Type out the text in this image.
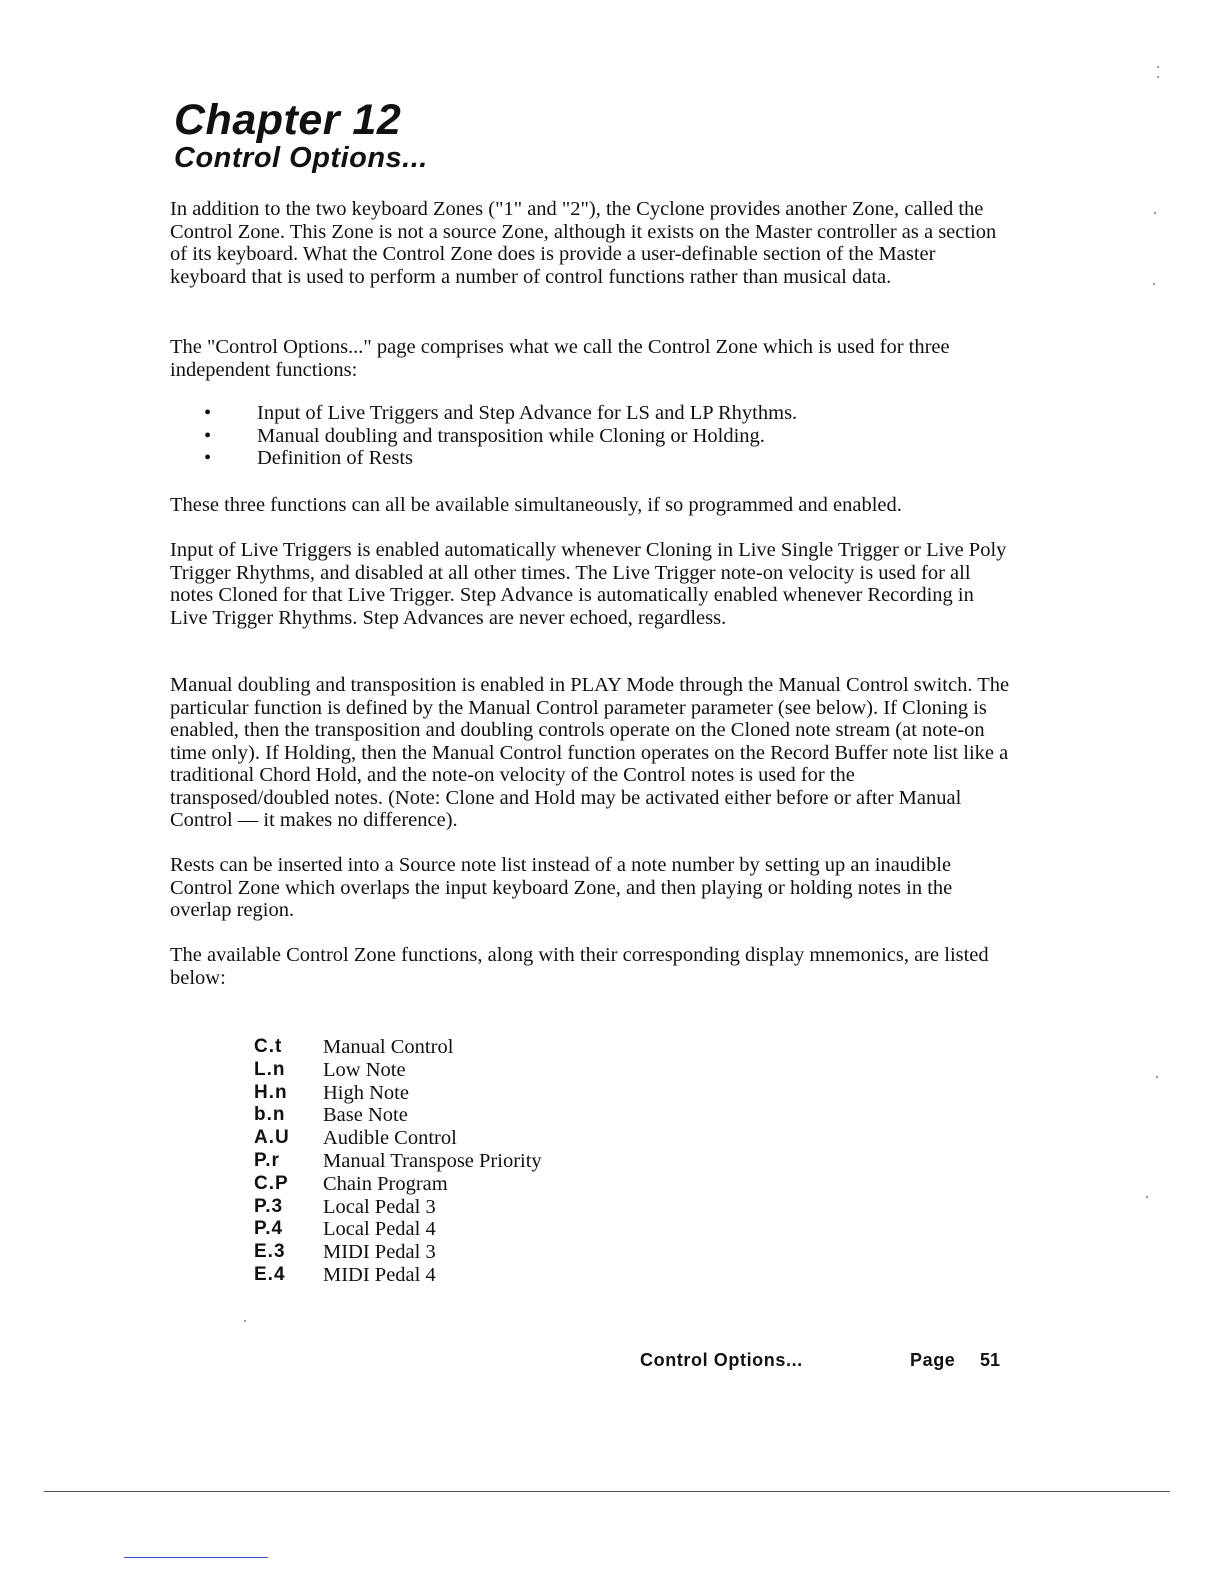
Chapter 12
Control Options...

In addition to the two keyboard Zones ("1" and "2"), the Cyclone provides another Zone, called the Control Zone. This Zone is not a source Zone, although it exists on the Master controller as a section of its keyboard. What the Control Zone does is provide a user-definable section of the Master keyboard that is used to perform a number of control functions rather than musical data.

The "Control Options..." page comprises what we call the Control Zone which is used for three independent functions:

• Input of Live Triggers and Step Advance for LS and LP Rhythms.
• Manual doubling and transposition while Cloning or Holding.
• Definition of Rests

These three functions can all be available simultaneously, if so programmed and enabled.

Input of Live Triggers is enabled automatically whenever Cloning in Live Single Trigger or Live Poly Trigger Rhythms, and disabled at all other times. The Live Trigger note-on velocity is used for all notes Cloned for that Live Trigger. Step Advance is automatically enabled whenever Recording in Live Trigger Rhythms. Step Advances are never echoed, regardless.

Manual doubling and transposition is enabled in PLAY Mode through the Manual Control switch. The particular function is defined by the Manual Control parameter parameter (see below). If Cloning is enabled, then the transposition and doubling controls operate on the Cloned note stream (at note-on time only). If Holding, then the Manual Control function operates on the Record Buffer note list like a traditional Chord Hold, and the note-on velocity of the Control notes is used for the transposed/doubled notes. (Note: Clone and Hold may be activated either before or after Manual Control — it makes no difference).

Rests can be inserted into a Source note list instead of a note number by setting up an inaudible Control Zone which overlaps the input keyboard Zone, and then playing or holding notes in the overlap region.

The available Control Zone functions, along with their corresponding display mnemonics, are listed below:

C.t	Manual Control
L.n	Low Note
H.n	High Note
b.n	Base Note
A.U	Audible Control
P.r	Manual Transpose Priority
C.P	Chain Program
P.3	Local Pedal 3
P.4	Local Pedal 4
E.3	MIDI Pedal 3
E.4	MIDI Pedal 4
Control Options...	Page 51
